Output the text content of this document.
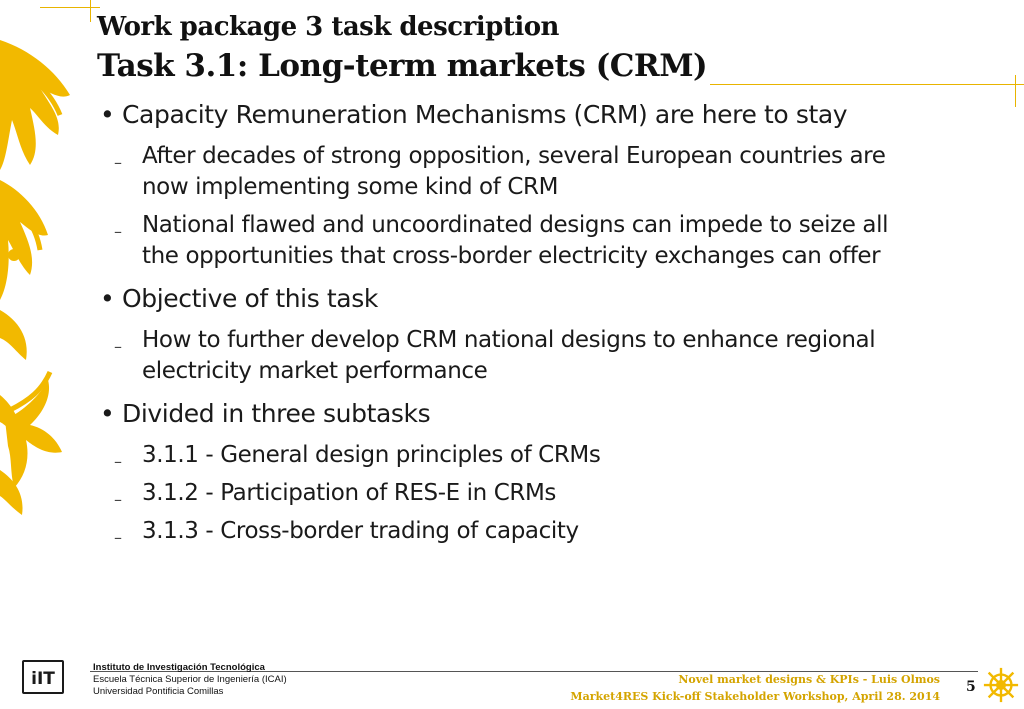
Work package 3 task description
Task 3.1: Long-term markets (CRM)
• Capacity Remuneration Mechanisms (CRM) are here to stay
– After decades of strong opposition, several European countries are
now implementing some kind of CRM
– National flawed and uncoordinated designs can impede to seize all
the opportunities that cross-border electricity exchanges can offer
• Objective of this task
– How to further develop CRM national designs to enhance regional
electricity market performance
• Divided in three subtasks
– 3.1.1 - General design principles of CRMs
– 3.1.2 - Participation of RES-E in CRMs
– 3.1.3 - Cross-border trading of capacity
iIT
Instituto de Investigación Tecnológica
Escuela Técnica Superior de Ingeniería (ICAI)
Universidad Pontificia Comillas
Novel market designs & KPIs - Luis Olmos
Market4RES Kick-off Stakeholder Workshop, April 28. 2014
5
